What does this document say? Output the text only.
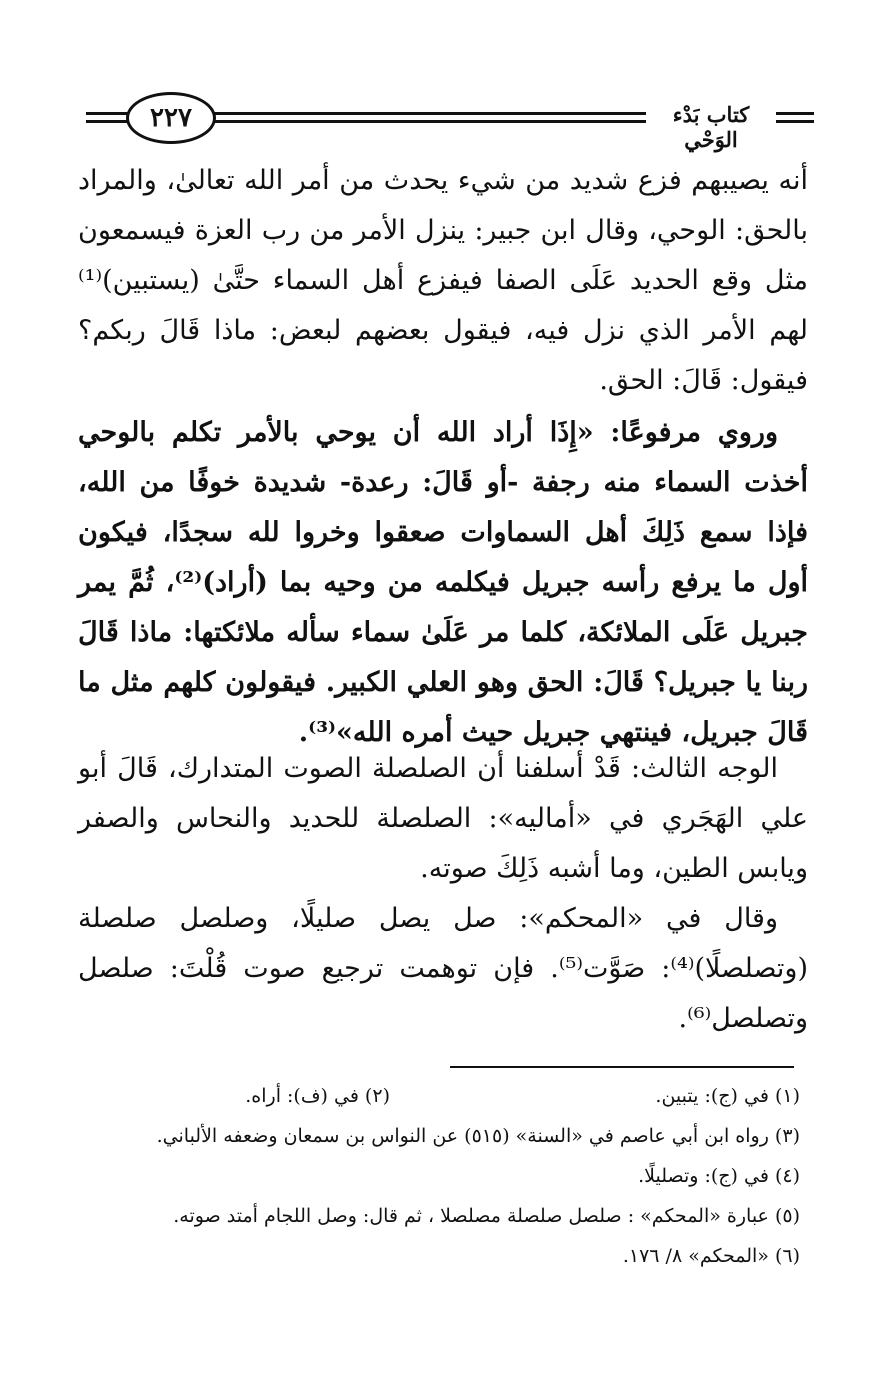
٢٢٧	كتاب بَدْء الوَحْي

أنه يصيبهم فزع شديد من شيء يحدث من أمر الله تعالىٰ، والمراد بالحق: الوحي، وقال ابن جبير: ينزل الأمر من رب العزة فيسمعون مثل وقع الحديد عَلَى الصفا فيفزع أهل السماء حتَّىٰ (يستبين)⁽¹⁾ لهم الأمر الذي نزل فيه، فيقول بعضهم لبعض: ماذا قَالَ ربكم؟ فيقول: قَالَ: الحق.

وروي مرفوعًا: «إِذَا أراد الله أن يوحي بالأمر تكلم بالوحي أخذت السماء منه رجفة -أو قَالَ: رعدة- شديدة خوفًا من الله، فإذا سمع ذَلِكَ أهل السماوات صعقوا وخروا لله سجدًا، فيكون أول ما يرفع رأسه جبريل فيكلمه من وحيه بما (أراد)⁽²⁾، ثُمَّ يمر جبريل عَلَى الملائكة، كلما مر عَلَىٰ سماء سأله ملائكتها: ماذا قَالَ ربنا يا جبريل؟ قَالَ: الحق وهو العلي الكبير. فيقولون كلهم مثل ما قَالَ جبريل، فينتهي جبريل حيث أمره الله»⁽³⁾.

الوجه الثالث: قَدْ أسلفنا أن الصلصلة الصوت المتدارك، قَالَ أبو علي الهَجَري في «أماليه»: الصلصلة للحديد والنحاس والصفر ويابس الطين، وما أشبه ذَلِكَ صوته.

وقال في «المحكم»: صل يصل صليلًا، وصلصل صلصلة (وتصلصلًا)⁽⁴⁾: صَوَّت⁽⁵⁾. فإن توهمت ترجيع صوت قُلْتَ: صلصل وتصلصل⁽⁶⁾.

(١) في (ج): يتبين.
(٢) في (ف): أراه.
(٣) رواه ابن أبي عاصم في «السنة» (٥١٥) عن النواس بن سمعان وضعفه الألباني.
(٤) في (ج): وتصليلًا.
(٥) عبارة «المحكم» : صلصل صلصلة مصلصلا ، ثم قال: وصل اللجام أمتد صوته.
(٦) «المحكم» ٨/ ١٧٦.
